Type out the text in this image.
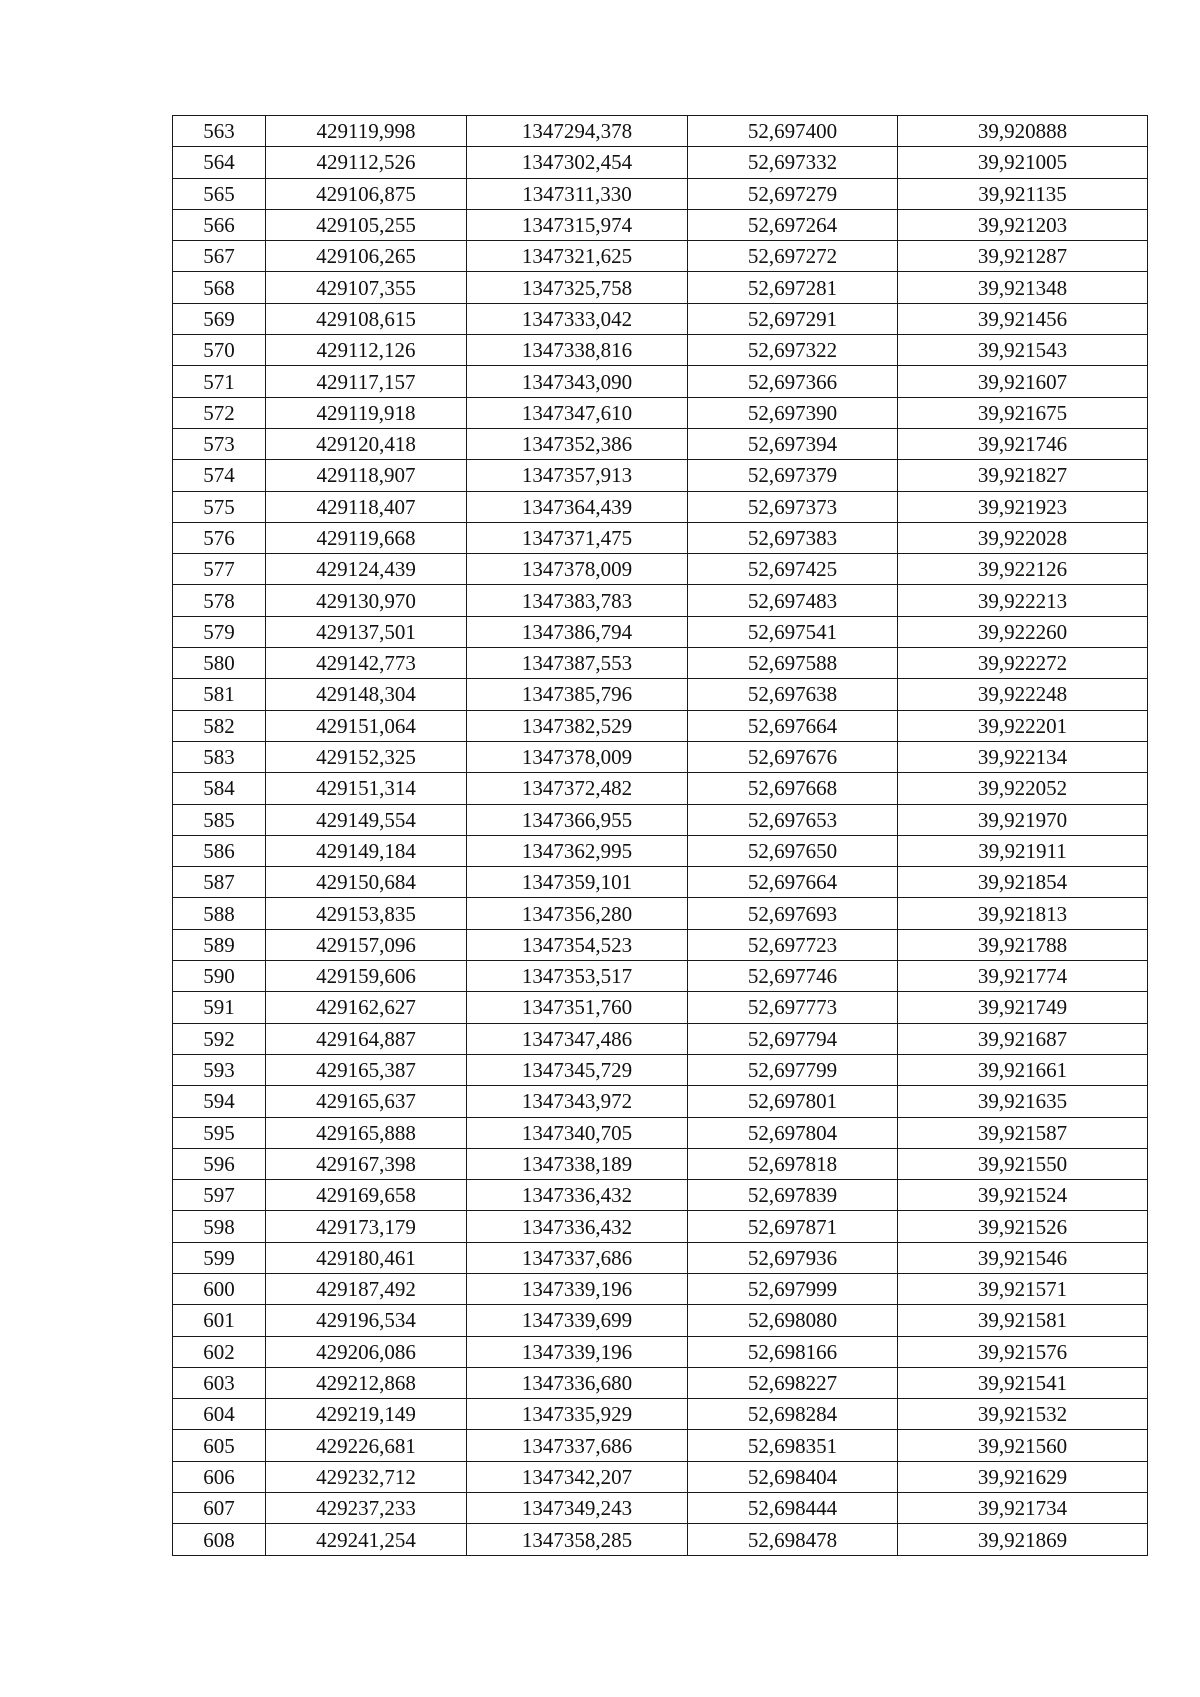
563	429119,998	1347294,378	52,697400	39,920888
564	429112,526	1347302,454	52,697332	39,921005
565	429106,875	1347311,330	52,697279	39,921135
566	429105,255	1347315,974	52,697264	39,921203
567	429106,265	1347321,625	52,697272	39,921287
568	429107,355	1347325,758	52,697281	39,921348
569	429108,615	1347333,042	52,697291	39,921456
570	429112,126	1347338,816	52,697322	39,921543
571	429117,157	1347343,090	52,697366	39,921607
572	429119,918	1347347,610	52,697390	39,921675
573	429120,418	1347352,386	52,697394	39,921746
574	429118,907	1347357,913	52,697379	39,921827
575	429118,407	1347364,439	52,697373	39,921923
576	429119,668	1347371,475	52,697383	39,922028
577	429124,439	1347378,009	52,697425	39,922126
578	429130,970	1347383,783	52,697483	39,922213
579	429137,501	1347386,794	52,697541	39,922260
580	429142,773	1347387,553	52,697588	39,922272
581	429148,304	1347385,796	52,697638	39,922248
582	429151,064	1347382,529	52,697664	39,922201
583	429152,325	1347378,009	52,697676	39,922134
584	429151,314	1347372,482	52,697668	39,922052
585	429149,554	1347366,955	52,697653	39,921970
586	429149,184	1347362,995	52,697650	39,921911
587	429150,684	1347359,101	52,697664	39,921854
588	429153,835	1347356,280	52,697693	39,921813
589	429157,096	1347354,523	52,697723	39,921788
590	429159,606	1347353,517	52,697746	39,921774
591	429162,627	1347351,760	52,697773	39,921749
592	429164,887	1347347,486	52,697794	39,921687
593	429165,387	1347345,729	52,697799	39,921661
594	429165,637	1347343,972	52,697801	39,921635
595	429165,888	1347340,705	52,697804	39,921587
596	429167,398	1347338,189	52,697818	39,921550
597	429169,658	1347336,432	52,697839	39,921524
598	429173,179	1347336,432	52,697871	39,921526
599	429180,461	1347337,686	52,697936	39,921546
600	429187,492	1347339,196	52,697999	39,921571
601	429196,534	1347339,699	52,698080	39,921581
602	429206,086	1347339,196	52,698166	39,921576
603	429212,868	1347336,680	52,698227	39,921541
604	429219,149	1347335,929	52,698284	39,921532
605	429226,681	1347337,686	52,698351	39,921560
606	429232,712	1347342,207	52,698404	39,921629
607	429237,233	1347349,243	52,698444	39,921734
608	429241,254	1347358,285	52,698478	39,921869
